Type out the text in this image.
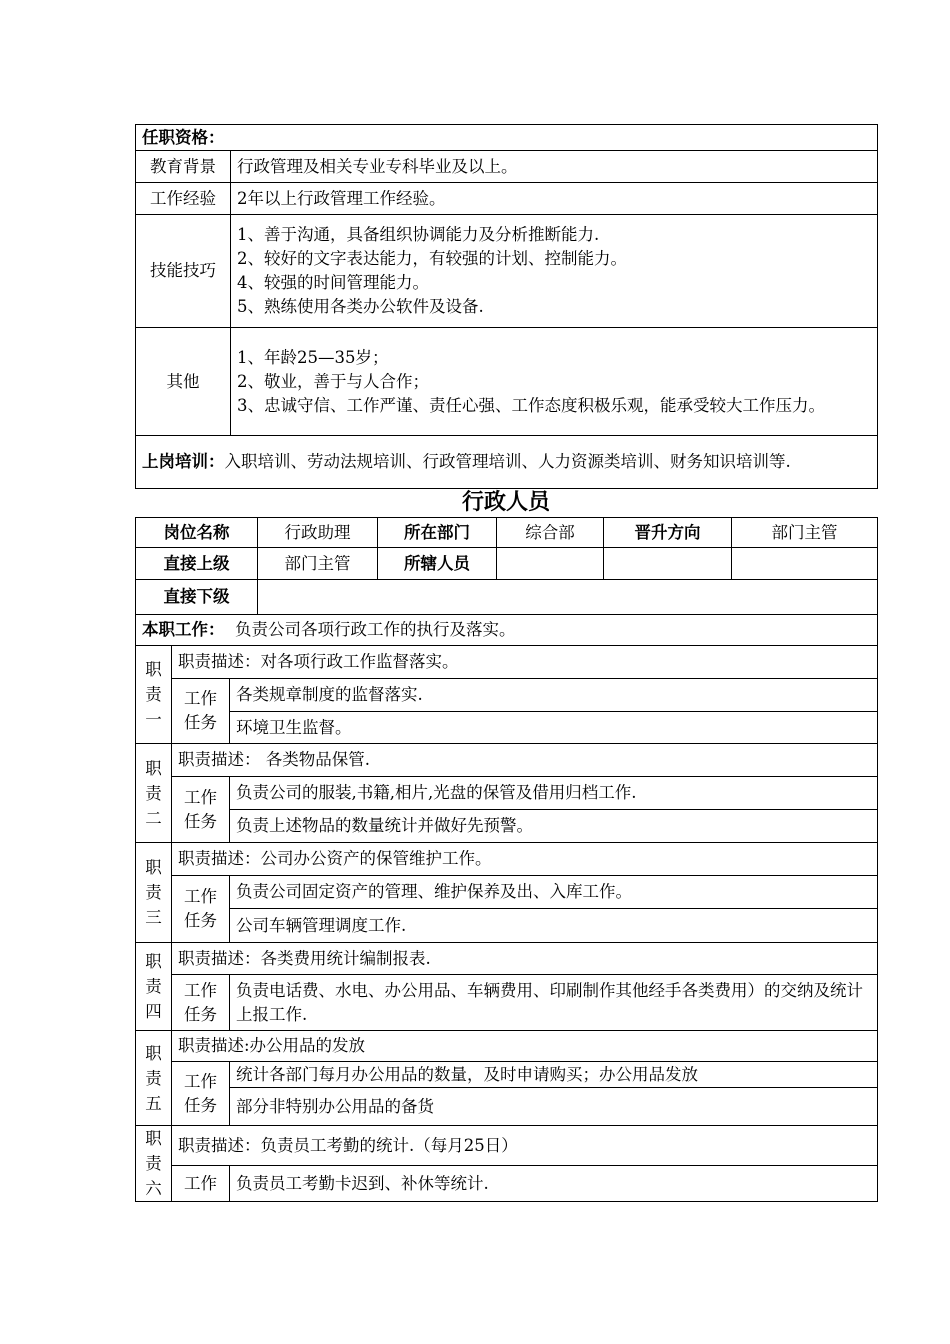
任职资格：	
教育背景	行政管理及相关专业专科毕业及以上。
工作经验	2年以上行政管理工作经验。
技能技巧	1、善于沟通，具备组织协调能力及分析推断能力.

2、较好的文字表达能力，有较强的计划、控制能力。

4、较强的时间管理能力。

5、熟练使用各类办公软件及设备.

其他	1、年龄25—35岁；

2、敬业，善于与人合作；

3、忠诚守信、工作严谨、责任心强、工作态度积极乐观，能承受较大工作压力。

上岗培训：入职培训、劳动法规培训、行政管理培训、人力资源类培训、财务知识培训等.	
行政人员
岗位名称			行政助理	所在部门	综合部	晋升方向	部门主管
直接上级			部门主管	所辖人员			
直接下级							
本职工作： 负责公司各项行政工作的执行及落实。							

职
责
一	职责描述：对各项行政工作监督落实。						
	工作任务	各类规章制度的监督落实.					
		环境卫生监督。					

职
责
二	职责描述： 各类物品保管.						
	工作任务	负责公司的服装,书籍,相片,光盘的保管及借用归档工作.					
		负责上述物品的数量统计并做好先预警。					

职
责
三	职责描述：公司办公资产的保管维护工作。						
	工作任务	负责公司固定资产的管理、维护保养及出、入库工作。					
		公司车辆管理调度工作.					

职
责
四	职责描述：各类费用统计编制报表.						
	工作任务	负责电话费、水电、办公用品、车辆费用、印刷制作其他经手各类费用）的交纳及统计上报工作.					

职
责
五	职责描述:办公用品的发放						
	工作任务	统计各部门每月办公用品的数量，及时申请购买；办公用品发放					
		部分非特别办公用品的备货					

职
责
六	职责描述：负责员工考勤的统计.（每月25日）						
	工作	负责员工考勤卡迟到、补休等统计.					
